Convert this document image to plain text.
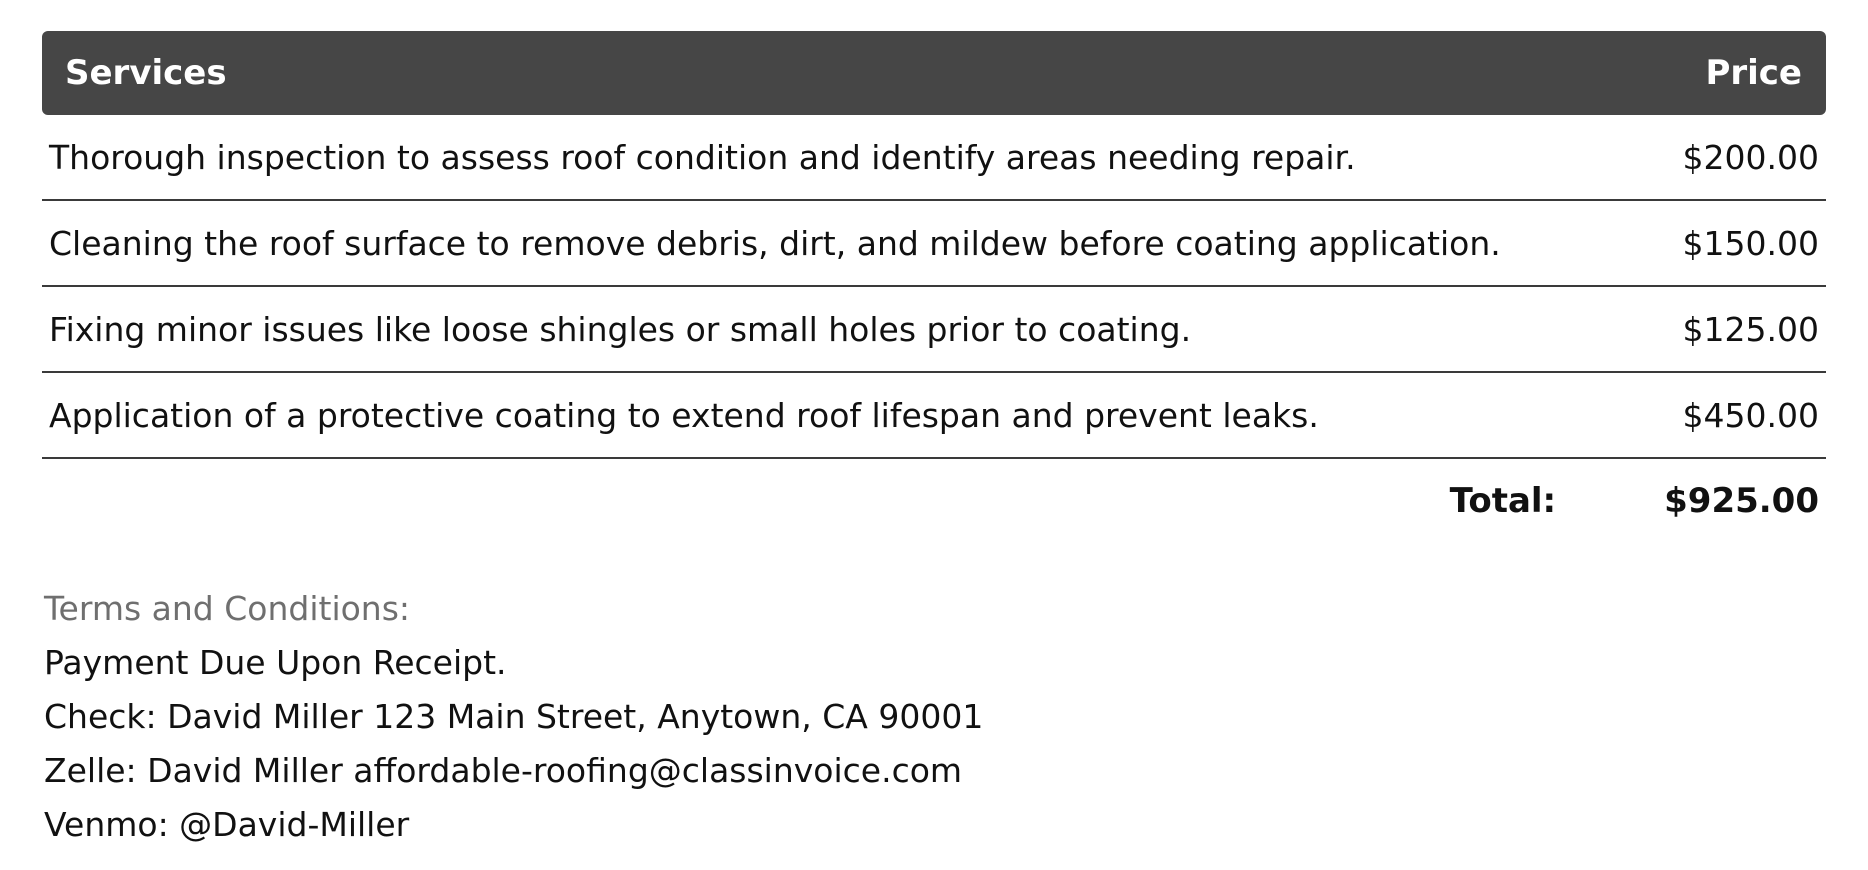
Services	Price
Thorough inspection to assess roof condition and identify areas needing repair.	$200.00
Cleaning the roof surface to remove debris, dirt, and mildew before coating application.	$150.00
Fixing minor issues like loose shingles or small holes prior to coating.	$125.00
Application of a protective coating to extend roof lifespan and prevent leaks.	$450.00
Total:	$925.00
Terms and Conditions:
Payment Due Upon Receipt.
Check: David Miller 123 Main Street, Anytown, CA 90001
Zelle: David Miller affordable-roofing@classinvoice.com
Venmo: @David-Miller
